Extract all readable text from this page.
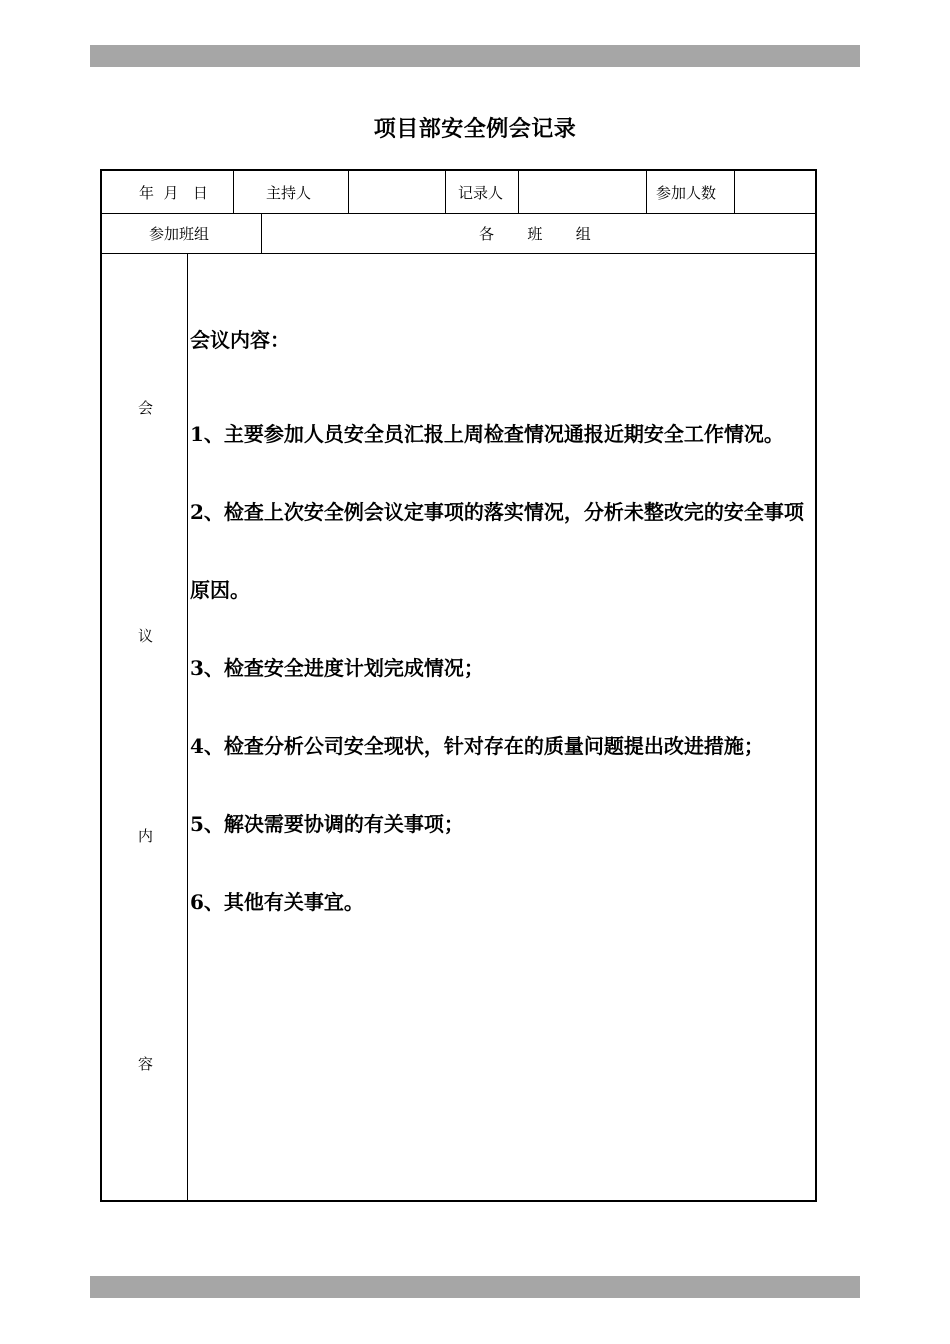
项目部安全例会记录
年  月   日	主持人	记录人	参加人数
参加班组	各       班       组
会
议
内
容

会议内容：

1、主要参加人员安全员汇报上周检查情况通报近期安全工作情况。

2、检查上次安全例会议定事项的落实情况，分析未整改完的安全事项原因。

3、检查安全进度计划完成情况；

4、检查分析公司安全现状，针对存在的质量问题提出改进措施；

5、解决需要协调的有关事项；

6、其他有关事宜。
